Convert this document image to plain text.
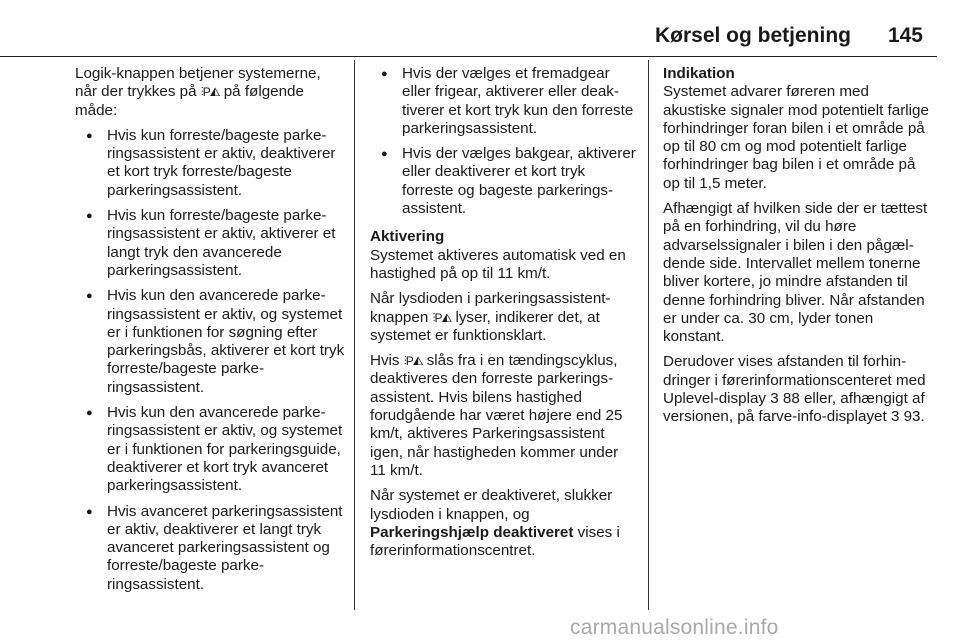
Kørsel og betjening 145

Logik-knappen betjener systemerne, når der trykkes på ⫶P◭ på følgende måde:

● Hvis kun forreste/bageste parkeringsassistent er aktiv, deaktiverer et kort tryk forreste/bageste parkeringsassistent.
● Hvis kun forreste/bageste parkeringsassistent er aktiv, aktiverer et langt tryk den avancerede parkeringsassistent.
● Hvis kun den avancerede parkeringsassistent er aktiv, og systemet er i funktionen for søgning efter parkeringsbås, aktiverer et kort tryk forreste/bageste parkeringsassistent.
● Hvis kun den avancerede parkeringsassistent er aktiv, og systemet er i funktionen for parkeringsguide, deaktiverer et kort tryk avanceret parkeringsassistent.
● Hvis avanceret parkeringsassistent er aktiv, deaktiverer et langt tryk avanceret parkeringsassistent og forreste/bageste parkeringsassistent.
● Hvis der vælges et fremadgear eller frigear, aktiverer eller deaktiverer et kort tryk kun den forreste parkeringsassistent.
● Hvis der vælges bakgear, aktiverer eller deaktiverer et kort tryk forreste og bageste parkeringsassistent.

Aktivering

Systemet aktiveres automatisk ved en hastighed på op til 11 km/t.

Når lysdioden i parkeringsassistentknappen ⫶P◭ lyser, indikerer det, at systemet er funktionsklart.

Hvis ⫶P◭ slås fra i en tændingscyklus, deaktiveres den forreste parkeringsassistent. Hvis bilens hastighed forudgående har været højere end 25 km/t, aktiveres Parkeringsassistent igen, når hastigheden kommer under 11 km/t.

Når systemet er deaktiveret, slukker lysdioden i knappen, og Parkeringshjælp deaktiveret vises i førerinformationscentret.

Indikation

Systemet advarer føreren med akustiske signaler mod potentielt farlige forhindringer foran bilen i et område på op til 80 cm og mod potentielt farlige forhindringer bag bilen i et område på op til 1,5 meter.

Afhængigt af hvilken side der er tættest på en forhindring, vil du høre advarselssignaler i bilen i den pågældende side. Intervallet mellem tonerne bliver kortere, jo mindre afstanden til denne forhindring bliver. Når afstanden er under ca. 30 cm, lyder tonen konstant.

Derudover vises afstanden til forhindringer i førerinformationscenteret med Uplevel-display 3 88 eller, afhængigt af versionen, på farve-info-displayet 3 93.

carmanualsonline.info
